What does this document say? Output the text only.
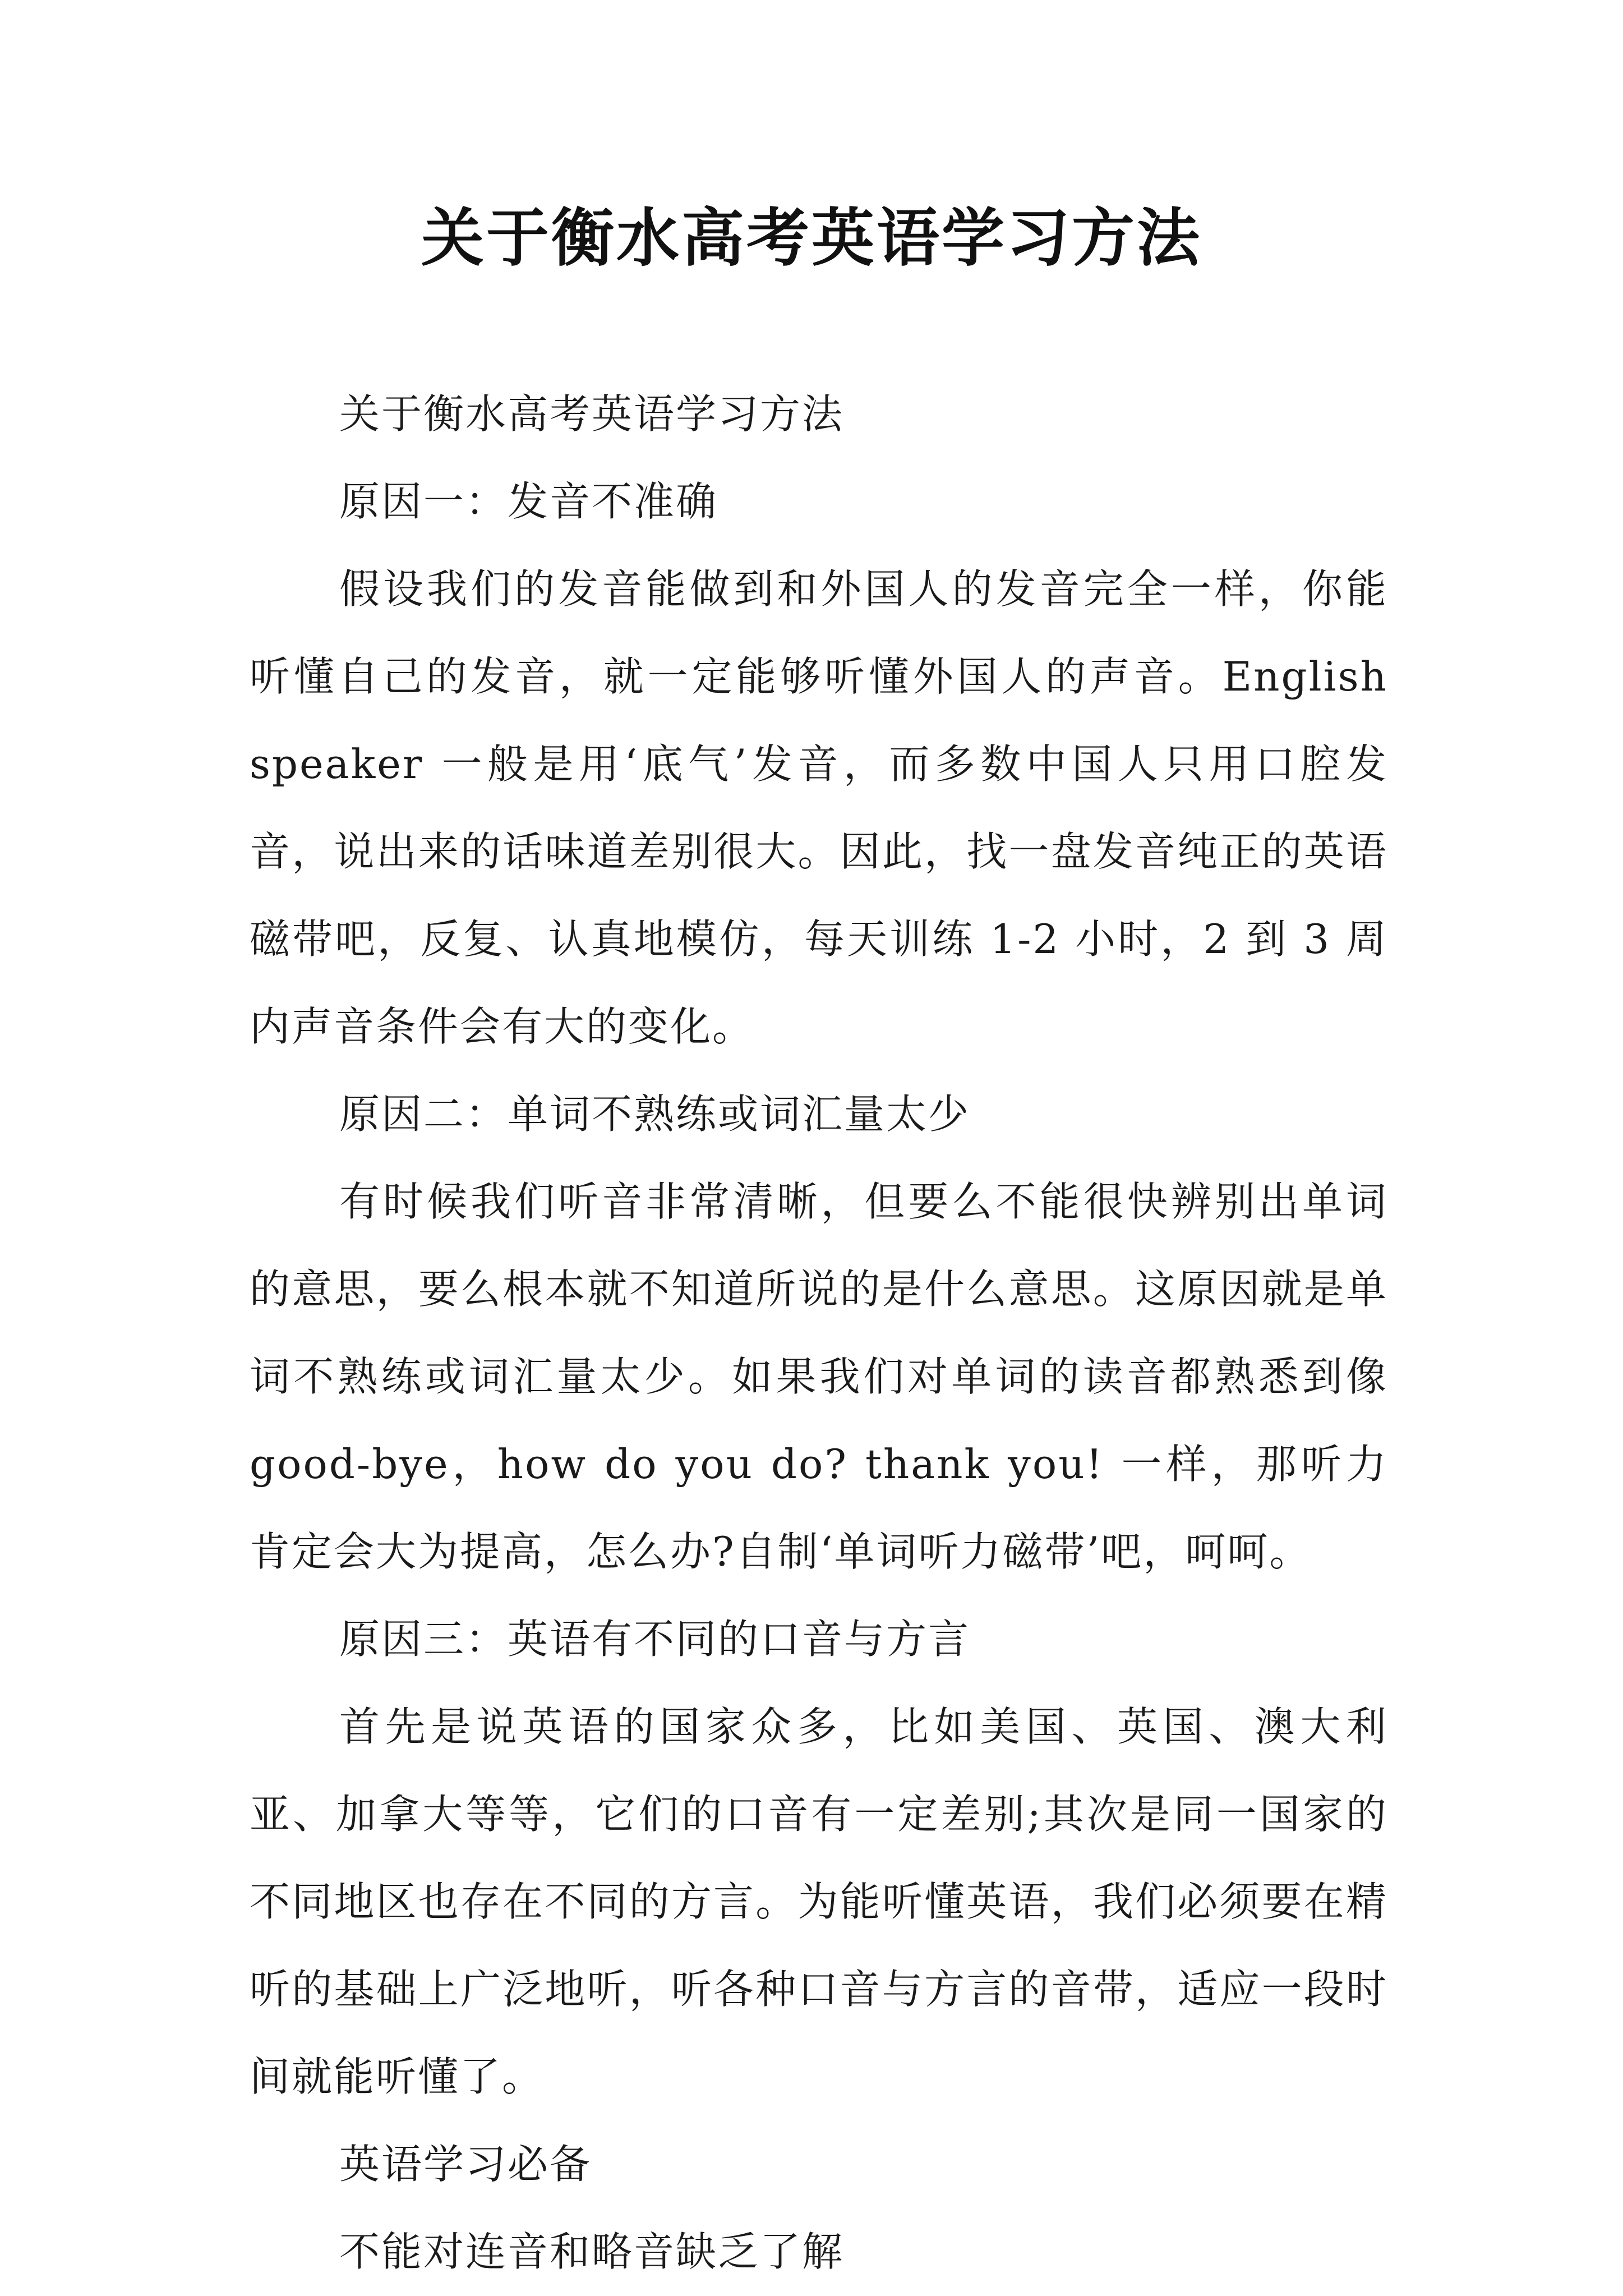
关于衡水高考英语学习方法

关于衡水高考英语学习方法

原因一：发音不准确

假设我们的发音能做到和外国人的发音完全一样，你能听懂自己的发音，就一定能够听懂外国人的声音。English speaker 一般是用‘底气’发音，而多数中国人只用口腔发音，说出来的话味道差别很大。因此，找一盘发音纯正的英语磁带吧，反复、认真地模仿，每天训练 1-2 小时，2 到 3 周内声音条件会有大的变化。

原因二：单词不熟练或词汇量太少

有时候我们听音非常清晰，但要么不能很快辨别出单词的意思，要么根本就不知道所说的是什么意思。这原因就是单词不熟练或词汇量太少。如果我们对单词的读音都熟悉到像 good-bye，how do you do? thank you! 一样，那听力肯定会大为提高，怎么办?自制‘单词听力磁带’吧，呵呵。

原因三：英语有不同的口音与方言

首先是说英语的国家众多，比如美国、英国、澳大利亚、加拿大等等，它们的口音有一定差别;其次是同一国家的不同地区也存在不同的方言。为能听懂英语，我们必须要在精听的基础上广泛地听，听各种口音与方言的音带，适应一段时间就能听懂了。

英语学习必备

不能对连音和略音缺乏了解
